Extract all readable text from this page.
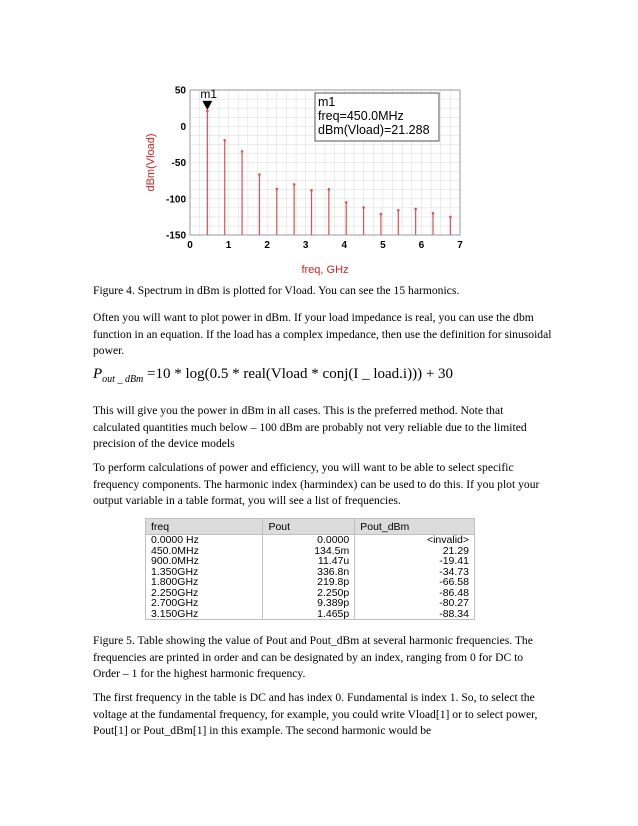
0	1	2	3	4	5	6	7
50
0
-50
-100
-150
freq, GHz
dBm(Vload)
m1
m1
freq=450.0MHz
dBm(Vload)=21.288

Figure 4. Spectrum in dBm is plotted for Vload. You can see the 15 harmonics.

Often you will want to plot power in dBm. If your load impedance is real, you can use the dbm function in an equation. If the load has a complex impedance, then use the definition for sinusoidal power.

$P_{out \_ dBm} =10 * \log(0.5$ * real(Vload * conj(I _ load.i))) + 30

This will give you the power in dBm in all cases. This is the preferred method. Note that calculated quantities much below – 100 dBm are probably not very reliable due to the limited precision of the device models

To perform calculations of power and efficiency, you will want to be able to select specific frequency components. The harmonic index (harmindex) can be used to do this. If you plot your output variable in a table format, you will see a list of frequencies.

freq	Pout	Pout_dBm
0.0000 Hz	0.0000	<invalid>
450.0MHz	134.5m	21.29
900.0MHz	11.47u	-19.41
1.350GHz	336.8n	-34.73
1.800GHz	219.8p	-66.58
2.250GHz	2.250p	-86.48
2.700GHz	9.389p	-80.27
3.150GHz	1.465p	-88.34

Figure 5. Table showing the value of Pout and Pout_dBm at several harmonic frequencies. The frequencies are printed in order and can be designated by an index, ranging from 0 for DC to Order – 1 for the highest harmonic frequency.

The first frequency in the table is DC and has index 0. Fundamental is index 1. So, to select the voltage at the fundamental frequency, for example, you could write Vload[1] or to select power, Pout[1] or Pout_dBm[1] in this example. The second harmonic would be
